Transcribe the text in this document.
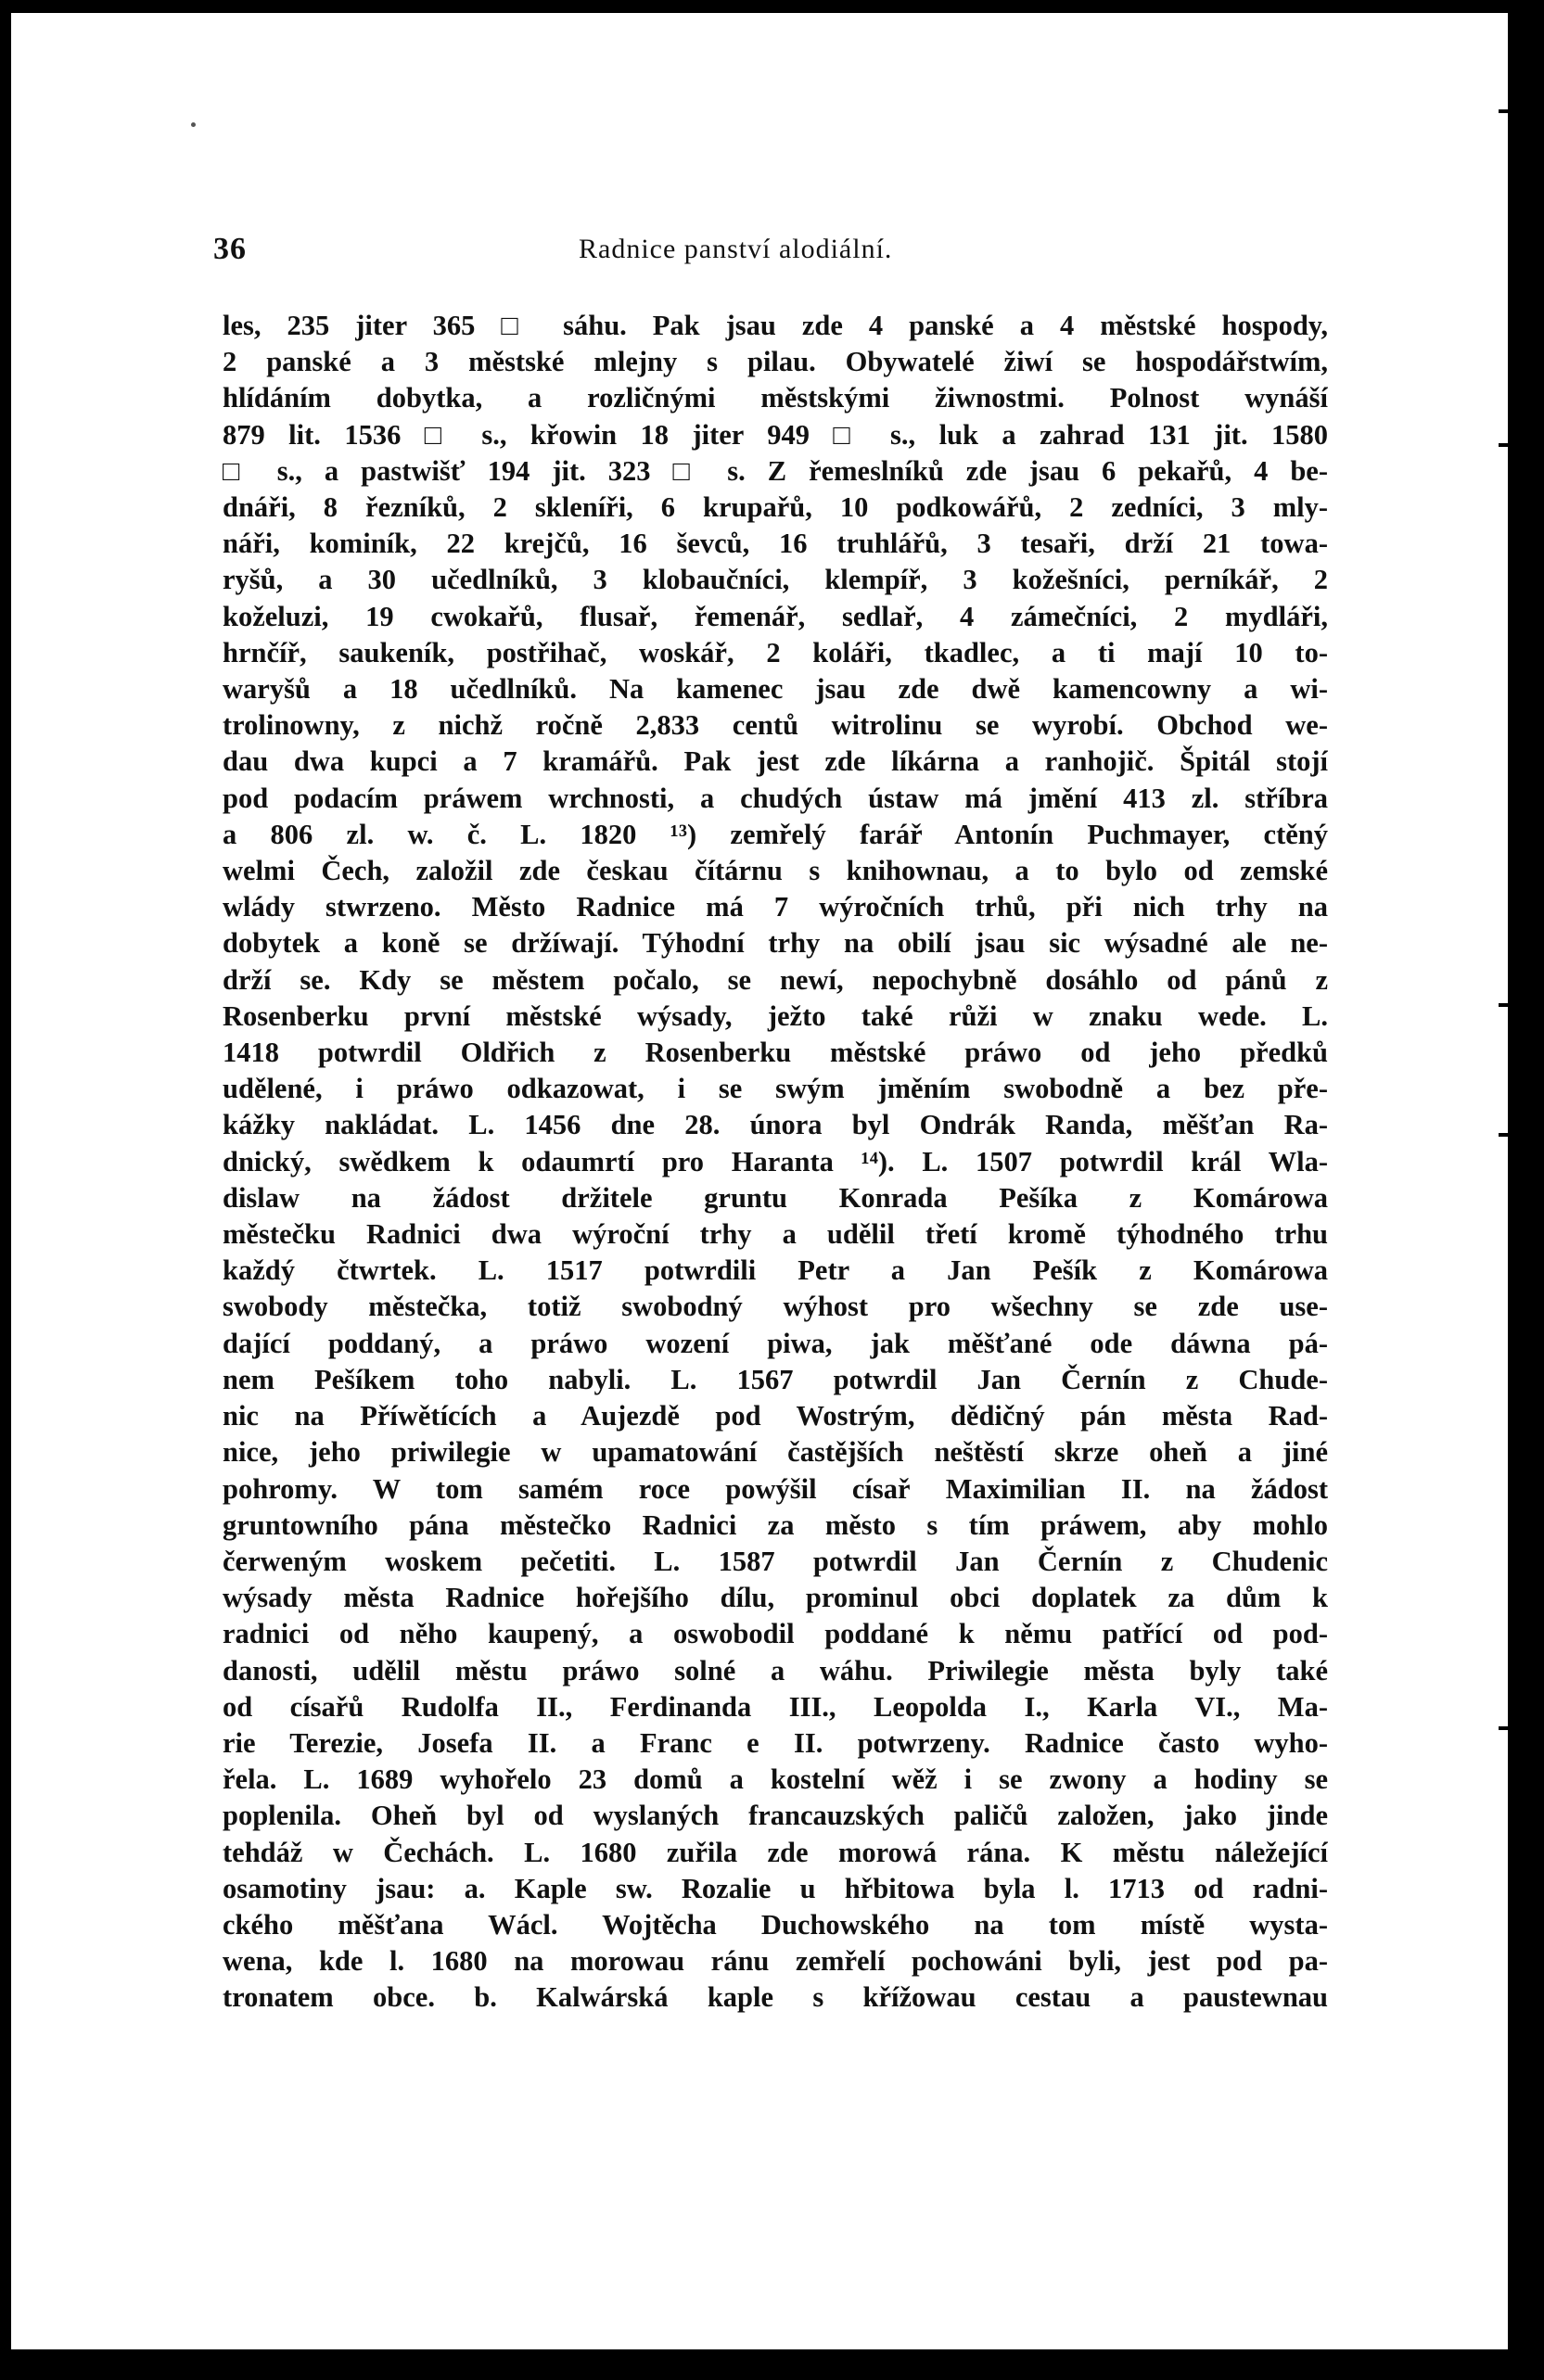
36	Radnice panství alodiální.
les, 235 jiter 365 □ sáhu. Pak jsau zde 4 panské a 4 městské hospody,
2 panské a 3 městské mlejny s pilau. Obywatelé žiwí se hospodářstwím,
hlídáním dobytka, a rozličnými městskými žiwnostmi. Polnost wynáší
879 lit. 1536 □ s., křowin 18 jiter 949 □ s., luk a zahrad 131 jit. 1580
□ s., a pastwišť 194 jit. 323 □ s. Z řemeslníků zde jsau 6 pekařů, 4 be-
dnáři, 8 řezníků, 2 skleníři, 6 krupařů, 10 podkowářů, 2 zedníci, 3 mly-
náři, kominík, 22 krejčů, 16 ševců, 16 truhlářů, 3 tesaři, drží 21 towa-
ryšů, a 30 učedlníků, 3 klobaučníci, klempíř, 3 kožešníci, perníkář, 2
koželuzi, 19 cwokařů, flusař, řemenář, sedlař, 4 zámečníci, 2 mydláři,
hrnčíř, saukeník, postřihač, woskář, 2 koláři, tkadlec, a ti mají 10 to-
waryšů a 18 učedlníků. Na kamenec jsau zde dwě kamencowny a wi-
trolinowny, z nichž ročně 2,833 centů witrolinu se wyrobí. Obchod we-
dau dwa kupci a 7 kramářů. Pak jest zde líkárna a ranhojič. Špitál stojí
pod podacím práwem wrchnosti, a chudých ústaw má jmění 413 zl. stříbra
a 806 zl. w. č. L. 1820 ¹³) zemřelý farář Antonín Puchmayer, ctěný
welmi Čech, založil zde českau čítárnu s knihownau, a to bylo od zemské
wlády stwrzeno. Město Radnice má 7 wýročních trhů, při nich trhy na
dobytek a koně se držíwají. Týhodní trhy na obilí jsau sic wýsadné ale ne-
drží se. Kdy se městem počalo, se newí, nepochybně dosáhlo od pánů z
Rosenberku první městské wýsady, ježto také růži w znaku wede. L.
1418 potwrdil Oldřich z Rosenberku městské práwo od jeho předků
udělené, i práwo odkazowat, i se swým jměním swobodně a bez pře-
kážky nakládat. L. 1456 dne 28. února byl Ondrák Randa, měšťan Ra-
dnický, swědkem k odaumrtí pro Haranta ¹⁴). L. 1507 potwrdil král Wla-
dislaw na žádost držitele gruntu Konrada Pešíka z Komárowa
městečku Radnici dwa wýroční trhy a udělil třetí kromě týhodného trhu
každý čtwrtek. L. 1517 potwrdili Petr a Jan Pešík z Komárowa
swobody městečka, totiž swobodný wýhost pro wšechny se zde use-
dající poddaný, a práwo wození piwa, jak měšťané ode dáwna pá-
nem Pešíkem toho nabyli. L. 1567 potwrdil Jan Černín z Chude-
nic na Příwětících a Aujezdě pod Wostrým, dědičný pán města Rad-
nice, jeho priwilegie w upamatowání častějších neštěstí skrze oheň a jiné
pohromy. W tom samém roce powýšil císař Maximilian II. na žádost
gruntowního pána městečko Radnici za město s tím práwem, aby mohlo
čerweným woskem pečetiti. L. 1587 potwrdil Jan Černín z Chudenic
wýsady města Radnice hořejšího dílu, prominul obci doplatek za dům k
radnici od něho kaupený, a oswobodil poddané k němu patřící od pod-
danosti, udělil městu práwo solné a wáhu. Priwilegie města byly také
od císařů Rudolfa II., Ferdinanda III., Leopolda I., Karla VI., Ma-
rie Terezie, Josefa II. a Franc e II. potwrzeny. Radnice často wyho-
řela. L. 1689 wyhořelo 23 domů a kostelní wěž i se zwony a hodiny se
poplenila. Oheň byl od wyslaných francauzských paličů založen, jako jinde
tehdáž w Čechách. L. 1680 zuřila zde morowá rána. K městu náležející
osamotiny jsau: a. Kaple sw. Rozalie u hřbitowa byla l. 1713 od radni-
ckého měšťana Wácl. Wojtěcha Duchowského na tom místě wysta-
wena, kde l. 1680 na morowau ránu zemřelí pochowáni byli, jest pod pa-
tronatem obce. b. Kalwárská kaple s křížowau cestau a paustewnau
